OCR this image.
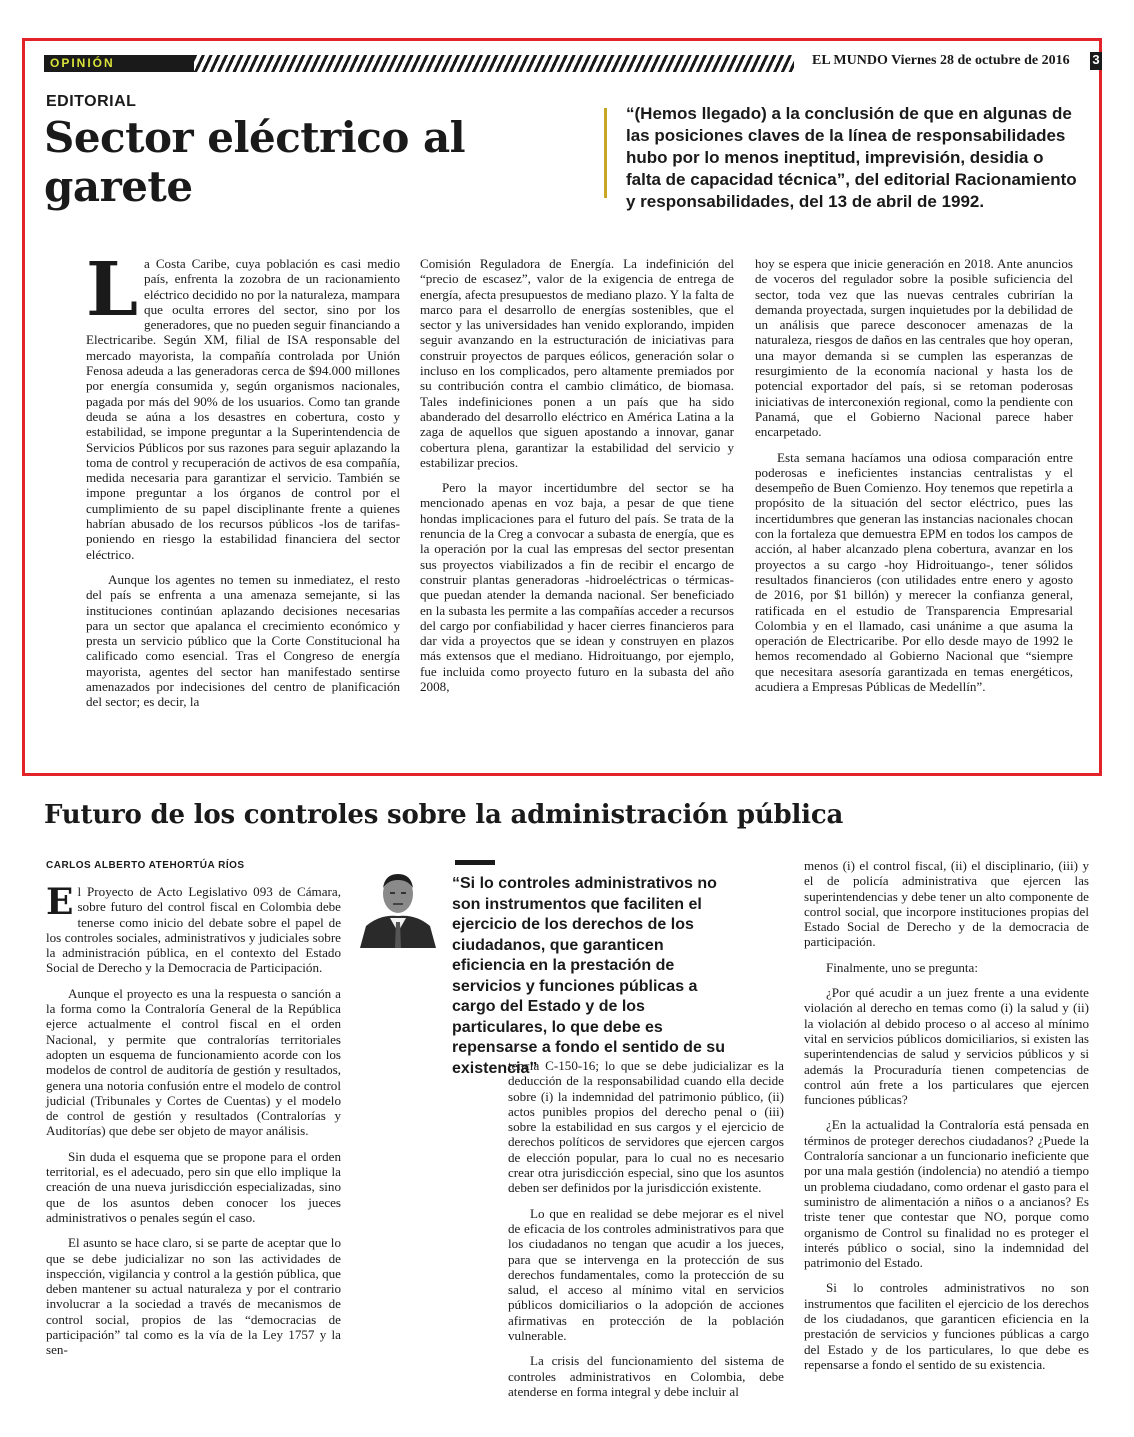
OPINIÓN	EL MUNDO Viernes 28 de octubre de 2016 3
EDITORIAL
Sector eléctrico al garete

“(Hemos llegado) a la conclusión de que en algunas de las posiciones claves de la línea de responsabilidades hubo por lo menos ineptitud, imprevisión, desidia o falta de capacidad técnica”, del editorial Racionamiento y responsabilidades, del 13 de abril de 1992.

La Costa Caribe, cuya población es casi medio país, enfrenta la zozobra de un racionamiento eléctrico decidido no por la naturaleza, mampara que oculta errores del sector, sino por los generadores, que no pueden seguir financiando a Electricaribe. Según XM, filial de ISA responsable del mercado mayorista, la compañía controlada por Unión Fenosa adeuda a las generadoras cerca de $94.000 millones por energía consumida y, según organismos nacionales, pagada por más del 90% de los usuarios. Como tan grande deuda se aúna a los desastres en cobertura, costo y estabilidad, se impone preguntar a la Superintendencia de Servicios Públicos por sus razones para seguir aplazando la toma de control y recuperación de activos de esa compañía, medida necesaria para garantizar el servicio. También se impone preguntar a los órganos de control por el cumplimiento de su papel disciplinante frente a quienes habrían abusado de los recursos públicos -los de tarifas- poniendo en riesgo la estabilidad financiera del sector eléctrico.

Aunque los agentes no temen su inmediatez, el resto del país se enfrenta a una amenaza semejante, si las instituciones continúan aplazando decisiones necesarias para un sector que apalanca el crecimiento económico y presta un servicio público que la Corte Constitucional ha calificado como esencial. Tras el Congreso de energía mayorista, agentes del sector han manifestado sentirse amenazados por indecisiones del centro de planificación del sector; es decir, la

Comisión Reguladora de Energía. La indefinición del “precio de escasez”, valor de la exigencia de entrega de energía, afecta presupuestos de mediano plazo. Y la falta de marco para el desarrollo de energías sostenibles, que el sector y las universidades han venido explorando, impiden seguir avanzando en la estructuración de iniciativas para construir proyectos de parques eólicos, generación solar o incluso en los complicados, pero altamente premiados por su contribución contra el cambio climático, de biomasa. Tales indefiniciones ponen a un país que ha sido abanderado del desarrollo eléctrico en América Latina a la zaga de aquellos que siguen apostando a innovar, ganar cobertura plena, garantizar la estabilidad del servicio y estabilizar precios.

Pero la mayor incertidumbre del sector se ha mencionado apenas en voz baja, a pesar de que tiene hondas implicaciones para el futuro del país. Se trata de la renuncia de la Creg a convocar a subasta de energía, que es la operación por la cual las empresas del sector presentan sus proyectos viabilizados a fin de recibir el encargo de construir plantas generadoras -hidroeléctricas o térmicas- que puedan atender la demanda nacional. Ser beneficiado en la subasta les permite a las compañías acceder a recursos del cargo por confiabilidad y hacer cierres financieros para dar vida a proyectos que se idean y construyen en plazos más extensos que el mediano. Hidroituango, por ejemplo, fue incluida como proyecto futuro en la subasta del año 2008,

hoy se espera que inicie generación en 2018. Ante anuncios de voceros del regulador sobre la posible suficiencia del sector, toda vez que las nuevas centrales cubrirían la demanda proyectada, surgen inquietudes por la debilidad de un análisis que parece desconocer amenazas de la naturaleza, riesgos de daños en las centrales que hoy operan, una mayor demanda si se cumplen las esperanzas de resurgimiento de la economía nacional y hasta los de potencial exportador del país, si se retoman poderosas iniciativas de interconexión regional, como la pendiente con Panamá, que el Gobierno Nacional parece haber encarpetado.

Esta semana hacíamos una odiosa comparación entre poderosas e ineficientes instancias centralistas y el desempeño de Buen Comienzo. Hoy tenemos que repetirla a propósito de la situación del sector eléctrico, pues las incertidumbres que generan las instancias nacionales chocan con la fortaleza que demuestra EPM en todos los campos de acción, al haber alcanzado plena cobertura, avanzar en los proyectos a su cargo -hoy Hidroituango-, tener sólidos resultados financieros (con utilidades entre enero y agosto de 2016, por $1 billón) y merecer la confianza general, ratificada en el estudio de Transparencia Empresarial Colombia y en el llamado, casi unánime a que asuma la operación de Electricaribe. Por ello desde mayo de 1992 le hemos recomendado al Gobierno Nacional que “siempre que necesitara asesoría garantizada en temas energéticos, acudiera a Empresas Públicas de Medellín”.

Futuro de los controles sobre la administración pública
CARLOS ALBERTO ATEHORTÚA RÍOS

“Si lo controles administrativos no son instrumentos que faciliten el ejercicio de los derechos de los ciudadanos, que garanticen eficiencia en la prestación de servicios y funciones públicas a cargo del Estado y de los particulares, lo que debe es repensarse a fondo el sentido de su existencia”

El Proyecto de Acto Legislativo 093 de Cámara, sobre futuro del control fiscal en Colombia debe tenerse como inicio del debate sobre el papel de los controles sociales, administrativos y judiciales sobre la administración pública, en el contexto del Estado Social de Derecho y la Democracia de Participación.

Aunque el proyecto es una la respuesta o sanción a la forma como la Contraloría General de la República ejerce actualmente el control fiscal en el orden Nacional, y permite que contralorías territoriales adopten un esquema de funcionamiento acorde con los modelos de control de auditoría de gestión y resultados, genera una notoria confusión entre el modelo de control judicial (Tribunales y Cortes de Cuentas) y el modelo de control de gestión y resultados (Contralorías y Auditorías) que debe ser objeto de mayor análisis.

Sin duda el esquema que se propone para el orden territorial, es el adecuado, pero sin que ello implique la creación de una nueva jurisdicción especializadas, sino que de los asuntos deben conocer los jueces administrativos o penales según el caso.

El asunto se hace claro, si se parte de aceptar que lo que se debe judicializar no son las actividades de inspección, vigilancia y control a la gestión pública, que deben mantener su actual naturaleza y por el contrario involucrar a la sociedad a través de mecanismos de control social, propios de las “democracias de participación” tal como es la vía de la Ley 1757 y la sen-

tencia C-150-16; lo que se debe judicializar es la deducción de la responsabilidad cuando ella decide sobre (i) la indemnidad del patrimonio público, (ii) actos punibles propios del derecho penal o (iii) sobre la estabilidad en sus cargos y el ejercicio de derechos políticos de servidores que ejercen cargos de elección popular, para lo cual no es necesario crear otra jurisdicción especial, sino que los asuntos deben ser definidos por la jurisdicción existente.

Lo que en realidad se debe mejorar es el nivel de eficacia de los controles administrativos para que los ciudadanos no tengan que acudir a los jueces, para que se intervenga en la protección de sus derechos fundamentales, como la protección de su salud, el acceso al mínimo vital en servicios públicos domiciliarios o la adopción de acciones afirmativas en protección de la población vulnerable.

La crisis del funcionamiento del sistema de controles administrativos en Colombia, debe atenderse en forma integral y debe incluir al

menos (i) el control fiscal, (ii) el disciplinario, (iii) y el de policía administrativa que ejercen las superintendencias y debe tener un alto componente de control social, que incorpore instituciones propias del Estado Social de Derecho y de la democracia de participación.

Finalmente, uno se pregunta:

¿Por qué acudir a un juez frente a una evidente violación al derecho en temas como (i) la salud y (ii) la violación al debido proceso o al acceso al mínimo vital en servicios públicos domiciliarios, si existen las superintendencias de salud y servicios públicos y si además la Procuraduría tienen competencias de control aún frete a los particulares que ejercen funciones públicas?

¿En la actualidad la Contraloría está pensada en términos de proteger derechos ciudadanos? ¿Puede la Contraloría sancionar a un funcionario ineficiente que por una mala gestión (indolencia) no atendió a tiempo un problema ciudadano, como ordenar el gasto para el suministro de alimentación a niños o a ancianos? Es triste tener que contestar que NO, porque como organismo de Control su finalidad no es proteger el interés público o social, sino la indemnidad del patrimonio del Estado.

Si lo controles administrativos no son instrumentos que faciliten el ejercicio de los derechos de los ciudadanos, que garanticen eficiencia en la prestación de servicios y funciones públicas a cargo del Estado y de los particulares, lo que debe es repensarse a fondo el sentido de su existencia.
